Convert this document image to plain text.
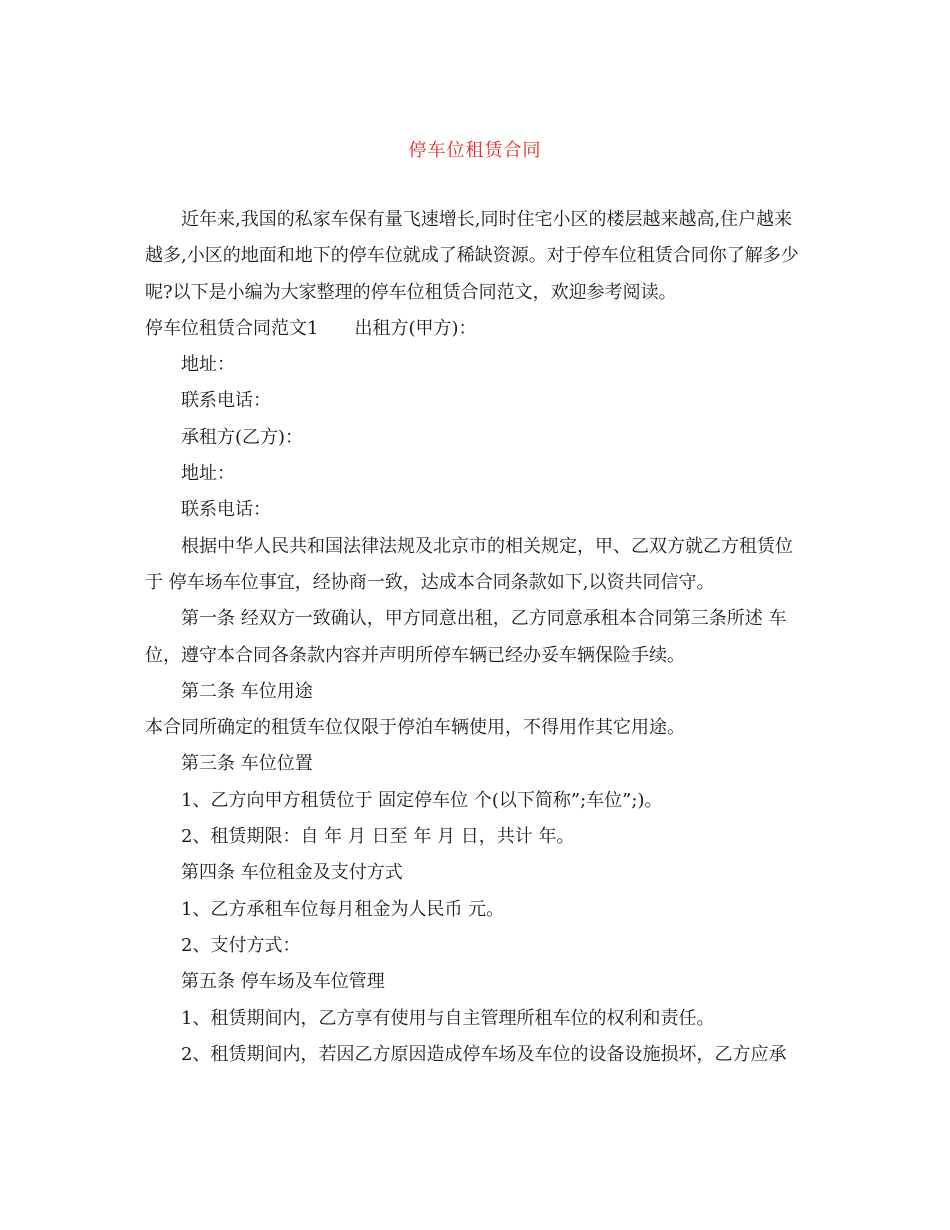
停车位租赁合同

近年来,我国的私家车保有量飞速增长,同时住宅小区的楼层越来越高,住户越来越多,小区的地面和地下的停车位就成了稀缺资源。对于停车位租赁合同你了解多少呢?以下是小编为大家整理的停车位租赁合同范文，欢迎参考阅读。

停车位租赁合同范文1 出租方(甲方)：

地址：

联系电话：

承租方(乙方)：

地址：

联系电话：

根据中华人民共和国法律法规及北京市的相关规定，甲、乙双方就乙方租赁位于 停车场车位事宜，经协商一致，达成本合同条款如下,以资共同信守。

第一条 经双方一致确认，甲方同意出租，乙方同意承租本合同第三条所述 车位，遵守本合同各条款内容并声明所停车辆已经办妥车辆保险手续。

第二条 车位用途

本合同所确定的租赁车位仅限于停泊车辆使用，不得用作其它用途。

第三条 车位位置

1、乙方向甲方租赁位于 固定停车位 个(以下简称”;车位”;)。

2、租赁期限：自 年 月 日至 年 月 日，共计 年。

第四条 车位租金及支付方式

1、乙方承租车位每月租金为人民币 元。

2、支付方式：

第五条 停车场及车位管理

1、租赁期间内，乙方享有使用与自主管理所租车位的权利和责任。

2、租赁期间内，若因乙方原因造成停车场及车位的设备设施损坏，乙方应承
